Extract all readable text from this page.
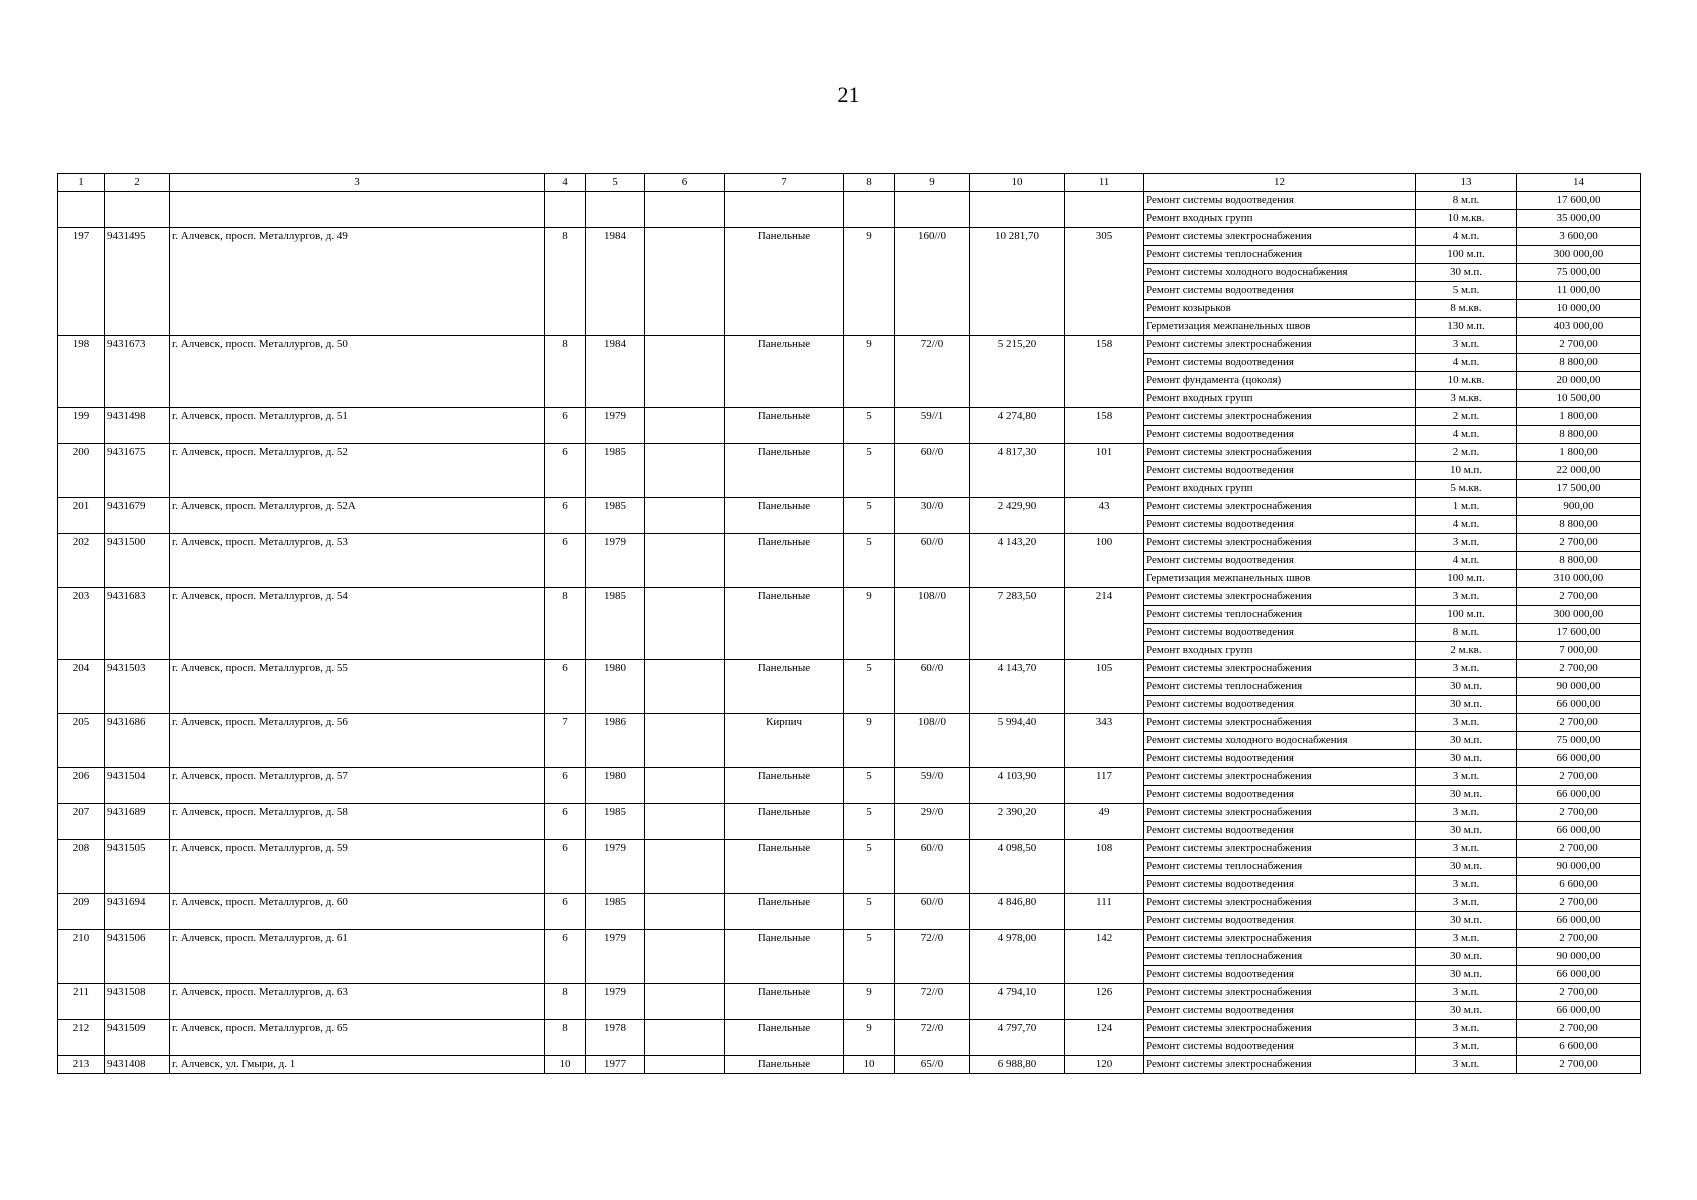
21
1	2	3	4	5	6	7	8	9	10	11	12	13	14
											Ремонт системы водоотведения	8 м.п.	17 600,00
											Ремонт входных групп	10 м.кв.	35 000,00
197	9431495	г. Алчевск, просп. Металлургов, д. 49	8	1984		Панельные	9	160//0	10 281,70	305	Ремонт системы электроснабжения	4 м.п.	3 600,00
											Ремонт системы теплоснабжения	100 м.п.	300 000,00
											Ремонт системы холодного водоснабжения	30 м.п.	75 000,00
											Ремонт системы водоотведения	5 м.п.	11 000,00
											Ремонт козырьков	8 м.кв.	10 000,00
											Герметизация межпанельных швов	130 м.п.	403 000,00
198	9431673	г. Алчевск, просп. Металлургов, д. 50	8	1984		Панельные	9	72//0	5 215,20	158	Ремонт системы электроснабжения	3 м.п.	2 700,00
											Ремонт системы водоотведения	4 м.п.	8 800,00
											Ремонт фундамента (цоколя)	10 м.кв.	20 000,00
											Ремонт входных групп	3 м.кв.	10 500,00
199	9431498	г. Алчевск, просп. Металлургов, д. 51	6	1979		Панельные	5	59//1	4 274,80	158	Ремонт системы электроснабжения	2 м.п.	1 800,00
											Ремонт системы водоотведения	4 м.п.	8 800,00
200	9431675	г. Алчевск, просп. Металлургов, д. 52	6	1985		Панельные	5	60//0	4 817,30	101	Ремонт системы электроснабжения	2 м.п.	1 800,00
											Ремонт системы водоотведения	10 м.п.	22 000,00
											Ремонт входных групп	5 м.кв.	17 500,00
201	9431679	г. Алчевск, просп. Металлургов, д. 52А	6	1985		Панельные	5	30//0	2 429,90	43	Ремонт системы электроснабжения	1 м.п.	900,00
											Ремонт системы водоотведения	4 м.п.	8 800,00
202	9431500	г. Алчевск, просп. Металлургов, д. 53	6	1979		Панельные	5	60//0	4 143,20	100	Ремонт системы электроснабжения	3 м.п.	2 700,00
											Ремонт системы водоотведения	4 м.п.	8 800,00
											Герметизация межпанельных швов	100 м.п.	310 000,00
203	9431683	г. Алчевск, просп. Металлургов, д. 54	8	1985		Панельные	9	108//0	7 283,50	214	Ремонт системы электроснабжения	3 м.п.	2 700,00
											Ремонт системы теплоснабжения	100 м.п.	300 000,00
											Ремонт системы водоотведения	8 м.п.	17 600,00
											Ремонт входных групп	2 м.кв.	7 000,00
204	9431503	г. Алчевск, просп. Металлургов, д. 55	6	1980		Панельные	5	60//0	4 143,70	105	Ремонт системы электроснабжения	3 м.п.	2 700,00
											Ремонт системы теплоснабжения	30 м.п.	90 000,00
											Ремонт системы водоотведения	30 м.п.	66 000,00
205	9431686	г. Алчевск, просп. Металлургов, д. 56	7	1986		Кирпич	9	108//0	5 994,40	343	Ремонт системы электроснабжения	3 м.п.	2 700,00
											Ремонт системы холодного водоснабжения	30 м.п.	75 000,00
											Ремонт системы водоотведения	30 м.п.	66 000,00
206	9431504	г. Алчевск, просп. Металлургов, д. 57	6	1980		Панельные	5	59//0	4 103,90	117	Ремонт системы электроснабжения	3 м.п.	2 700,00
											Ремонт системы водоотведения	30 м.п.	66 000,00
207	9431689	г. Алчевск, просп. Металлургов, д. 58	6	1985		Панельные	5	29//0	2 390,20	49	Ремонт системы электроснабжения	3 м.п.	2 700,00
											Ремонт системы водоотведения	30 м.п.	66 000,00
208	9431505	г. Алчевск, просп. Металлургов, д. 59	6	1979		Панельные	5	60//0	4 098,50	108	Ремонт системы электроснабжения	3 м.п.	2 700,00
											Ремонт системы теплоснабжения	30 м.п.	90 000,00
											Ремонт системы водоотведения	3 м.п.	6 600,00
209	9431694	г. Алчевск, просп. Металлургов, д. 60	6	1985		Панельные	5	60//0	4 846,80	111	Ремонт системы электроснабжения	3 м.п.	2 700,00
											Ремонт системы водоотведения	30 м.п.	66 000,00
210	9431506	г. Алчевск, просп. Металлургов, д. 61	6	1979		Панельные	5	72//0	4 978,00	142	Ремонт системы электроснабжения	3 м.п.	2 700,00
											Ремонт системы теплоснабжения	30 м.п.	90 000,00
											Ремонт системы водоотведения	30 м.п.	66 000,00
211	9431508	г. Алчевск, просп. Металлургов, д. 63	8	1979		Панельные	9	72//0	4 794,10	126	Ремонт системы электроснабжения	3 м.п.	2 700,00
											Ремонт системы водоотведения	30 м.п.	66 000,00
212	9431509	г. Алчевск, просп. Металлургов, д. 65	8	1978		Панельные	9	72//0	4 797,70	124	Ремонт системы электроснабжения	3 м.п.	2 700,00
											Ремонт системы водоотведения	3 м.п.	6 600,00
213	9431408	г. Алчевск, ул. Гмыри, д. 1	10	1977		Панельные	10	65//0	6 988,80	120	Ремонт системы электроснабжения	3 м.п.	2 700,00
